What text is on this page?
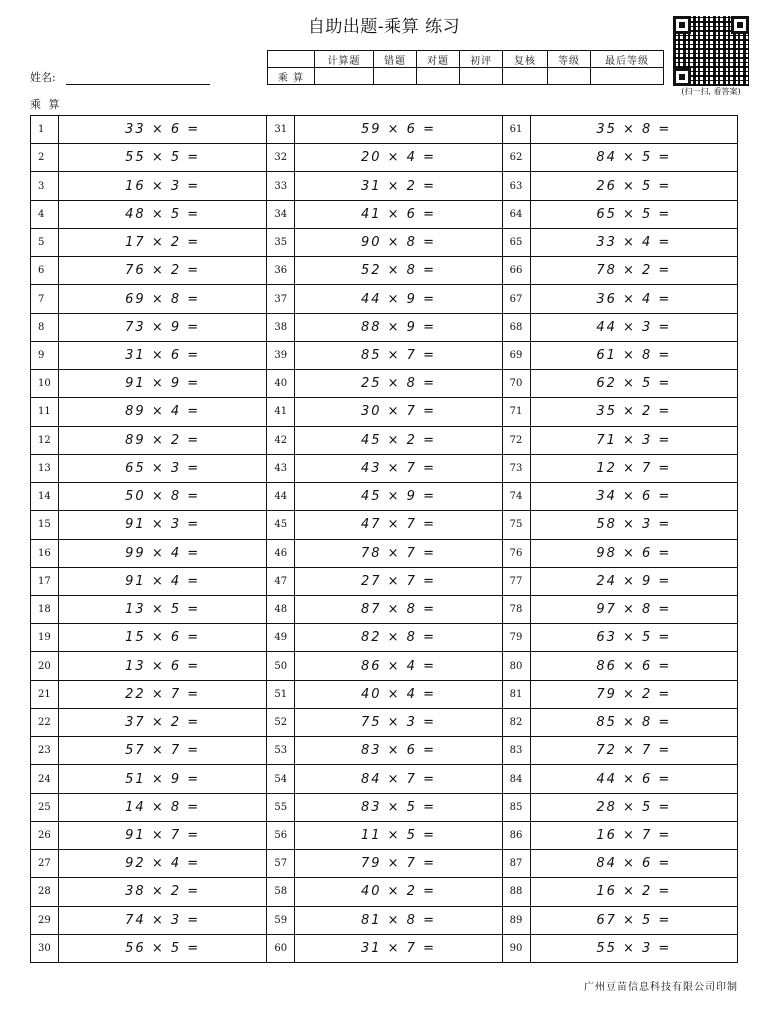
自助出题-乘算 练习
姓名:
乘 算
	计算题	错题	对题	初评	复核	等级	最后等级
乘 算							
(扫一扫, 看答案)
1	33 × 6 =
2	55 × 5 =
3	16 × 3 =
4	48 × 5 =
5	17 × 2 =
6	76 × 2 =
7	69 × 8 =
8	73 × 9 =
9	31 × 6 =
10	91 × 9 =
11	89 × 4 =
12	89 × 2 =
13	65 × 3 =
14	50 × 8 =
15	91 × 3 =
16	99 × 4 =
17	91 × 4 =
18	13 × 5 =
19	15 × 6 =
20	13 × 6 =
21	22 × 7 =
22	37 × 2 =
23	57 × 7 =
24	51 × 9 =
25	14 × 8 =
26	91 × 7 =
27	92 × 4 =
28	38 × 2 =
29	74 × 3 =
30	56 × 5 =
31	59 × 6 =
32	20 × 4 =
33	31 × 2 =
34	41 × 6 =
35	90 × 8 =
36	52 × 8 =
37	44 × 9 =
38	88 × 9 =
39	85 × 7 =
40	25 × 8 =
41	30 × 7 =
42	45 × 2 =
43	43 × 7 =
44	45 × 9 =
45	47 × 7 =
46	78 × 7 =
47	27 × 7 =
48	87 × 8 =
49	82 × 8 =
50	86 × 4 =
51	40 × 4 =
52	75 × 3 =
53	83 × 6 =
54	84 × 7 =
55	83 × 5 =
56	11 × 5 =
57	79 × 7 =
58	40 × 2 =
59	81 × 8 =
60	31 × 7 =
61	35 × 8 =
62	84 × 5 =
63	26 × 5 =
64	65 × 5 =
65	33 × 4 =
66	78 × 2 =
67	36 × 4 =
68	44 × 3 =
69	61 × 8 =
70	62 × 5 =
71	35 × 2 =
72	71 × 3 =
73	12 × 7 =
74	34 × 6 =
75	58 × 3 =
76	98 × 6 =
77	24 × 9 =
78	97 × 8 =
79	63 × 5 =
80	86 × 6 =
81	79 × 2 =
82	85 × 8 =
83	72 × 7 =
84	44 × 6 =
85	28 × 5 =
86	16 × 7 =
87	84 × 6 =
88	16 × 2 =
89	67 × 5 =
90	55 × 3 =
广州豆苗信息科技有限公司印制
